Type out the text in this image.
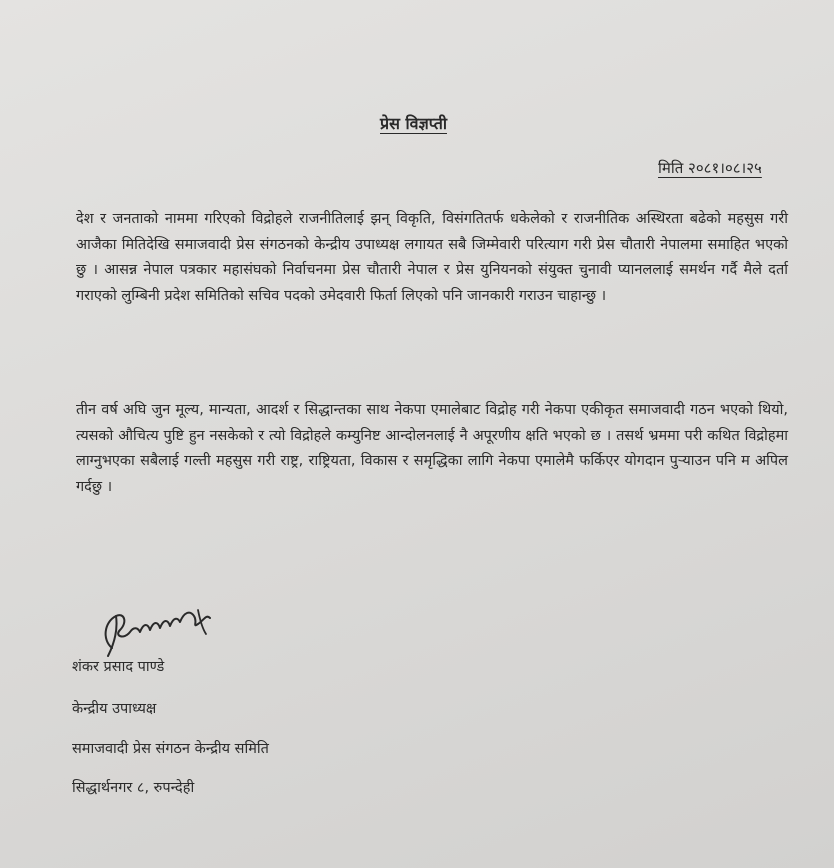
प्रेस विज्ञप्ती
मिति २०८१।०८।२५

देश र जनताको नाममा गरिएको विद्रोहले राजनीतिलाई झन् विकृति, विसंगतितर्फ धकेलेको र राजनीतिक अस्थिरता बढेको महसुस गरी आजैका मितिदेखि समाजवादी प्रेस संगठनको केन्द्रीय उपाध्यक्ष लगायत सबै जिम्मेवारी परित्याग गरी प्रेस चौतारी नेपालमा समाहित भएको छु । आसन्न नेपाल पत्रकार महासंघको निर्वाचनमा प्रेस चौतारी नेपाल र प्रेस युनियनको संयुक्त चुनावी प्यानललाई समर्थन गर्दै मैले दर्ता गराएको लुम्बिनी प्रदेश समितिको सचिव पदको उमेदवारी फिर्ता लिएको पनि जानकारी गराउन चाहान्छु ।

तीन वर्ष अघि जुन मूल्य, मान्यता, आदर्श र सिद्धान्तका साथ नेकपा एमालेबाट विद्रोह गरी नेकपा एकीकृत समाजवादी गठन भएको थियो, त्यसको औचित्य पुष्टि हुन नसकेको र त्यो विद्रोहले कम्युनिष्ट आन्दोलनलाई नै अपूरणीय क्षति भएको छ । तसर्थ भ्रममा परी कथित विद्रोहमा लाग्नुभएका सबैलाई गल्ती महसुस गरी राष्ट्र, राष्ट्रियता, विकास र समृद्धिका लागि नेकपा एमालेमै फर्किएर योगदान पुऱ्याउन पनि म अपिल गर्दछु ।

शंकर प्रसाद पाण्डे
केन्द्रीय उपाध्यक्ष
समाजवादी प्रेस संगठन केन्द्रीय समिति
सिद्धार्थनगर ८, रुपन्देही
